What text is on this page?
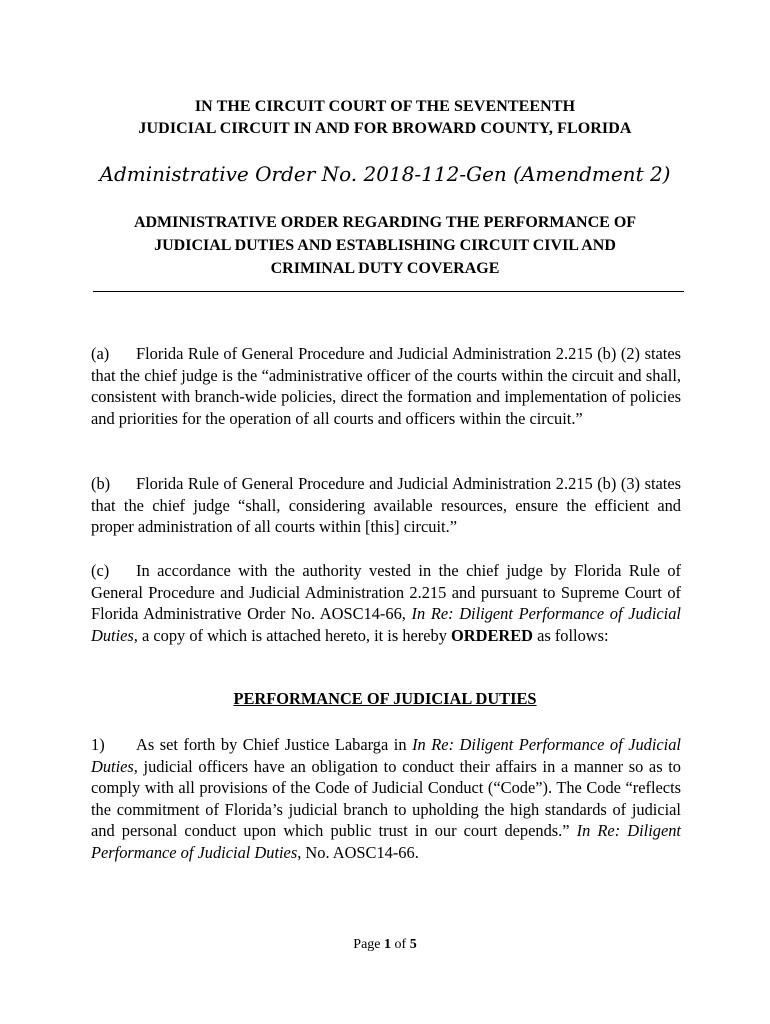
IN THE CIRCUIT COURT OF THE SEVENTEENTH
JUDICIAL CIRCUIT IN AND FOR BROWARD COUNTY, FLORIDA
Administrative Order No. 2018-112-Gen (Amendment 2)
ADMINISTRATIVE ORDER REGARDING THE PERFORMANCE OF
JUDICIAL DUTIES AND ESTABLISHING CIRCUIT CIVIL AND
CRIMINAL DUTY COVERAGE
(a) Florida Rule of General Procedure and Judicial Administration 2.215 (b) (2) states that the chief judge is the “administrative officer of the courts within the circuit and shall, consistent with branch-wide policies, direct the formation and implementation of policies and priorities for the operation of all courts and officers within the circuit.”
(b) Florida Rule of General Procedure and Judicial Administration 2.215 (b) (3) states that the chief judge “shall, considering available resources, ensure the efficient and proper administration of all courts within [this] circuit.”
(c) In accordance with the authority vested in the chief judge by Florida Rule of General Procedure and Judicial Administration 2.215 and pursuant to Supreme Court of Florida Administrative Order No. AOSC14-66, In Re: Diligent Performance of Judicial Duties, a copy of which is attached hereto, it is hereby ORDERED as follows:
PERFORMANCE OF JUDICIAL DUTIES
1) As set forth by Chief Justice Labarga in In Re: Diligent Performance of Judicial Duties, judicial officers have an obligation to conduct their affairs in a manner so as to comply with all provisions of the Code of Judicial Conduct (“Code”). The Code “reflects the commitment of Florida’s judicial branch to upholding the high standards of judicial and personal conduct upon which public trust in our court depends.” In Re: Diligent Performance of Judicial Duties, No. AOSC14-66.
Page 1 of 5
